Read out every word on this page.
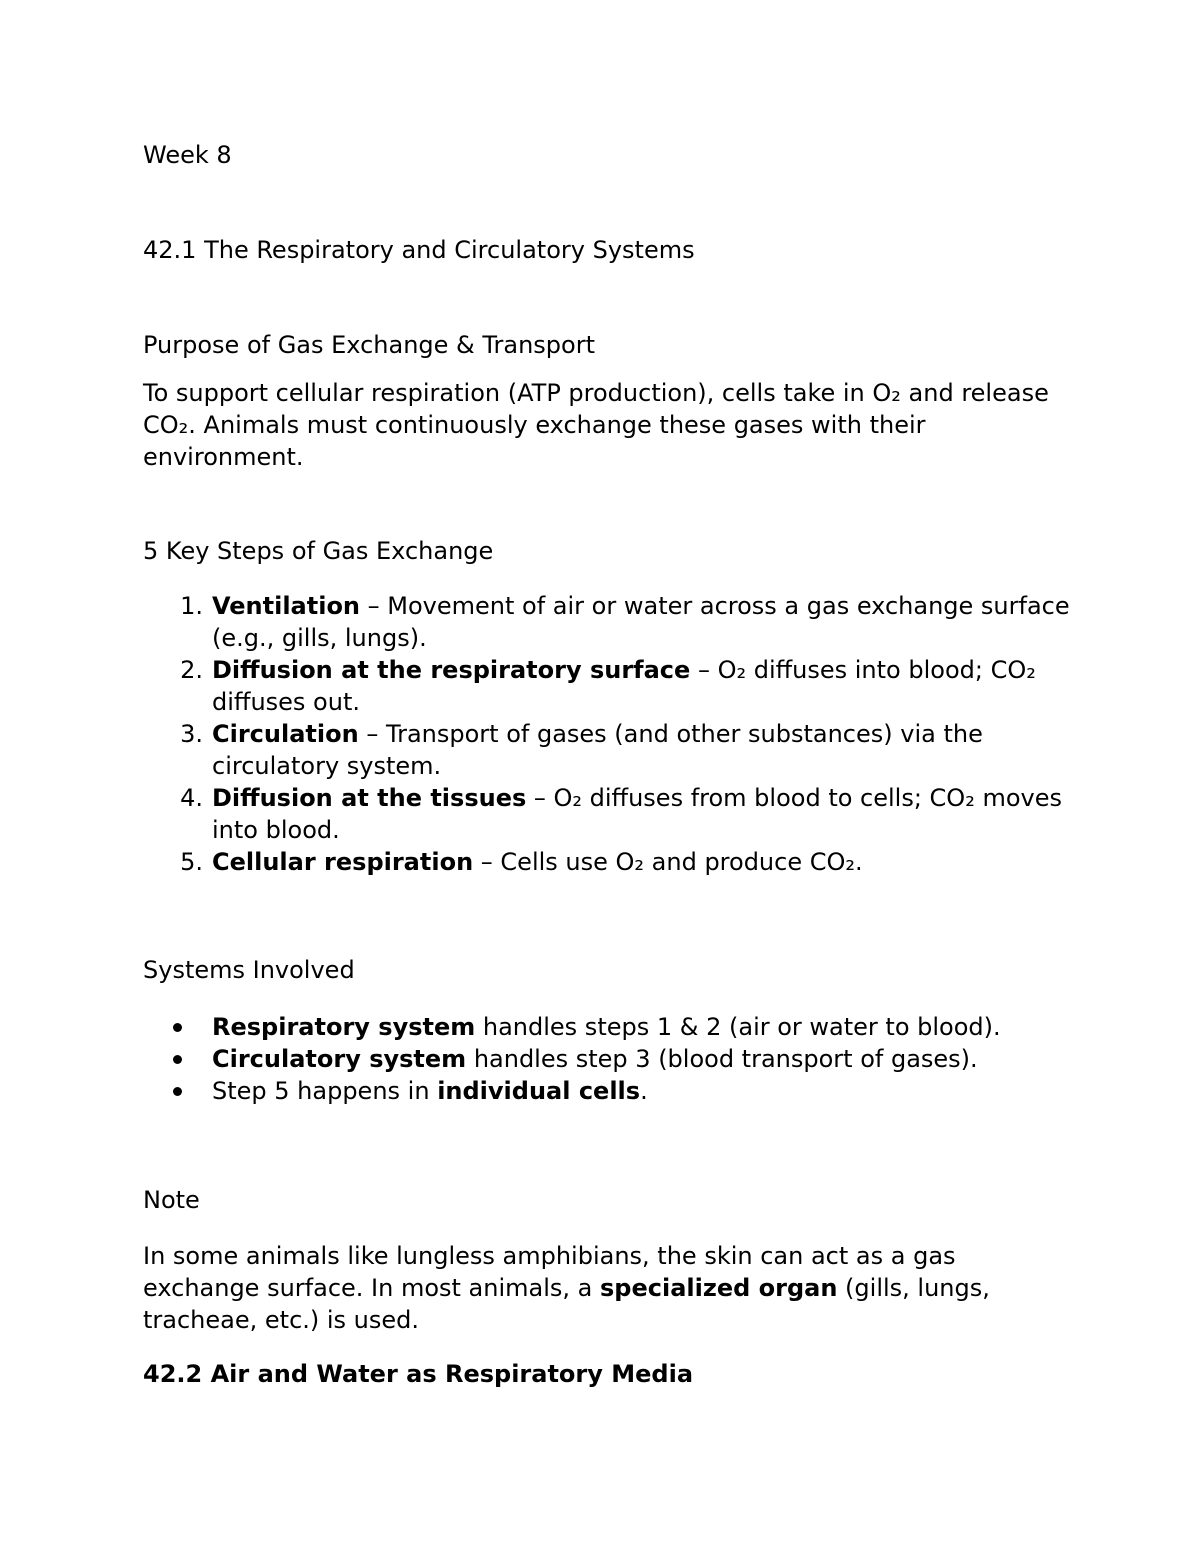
Week 8

42.1 The Respiratory and Circulatory Systems

Purpose of Gas Exchange & Transport

To support cellular respiration (ATP production), cells take in O₂ and release CO₂. Animals must continuously exchange these gases with their environment.

5 Key Steps of Gas Exchange

1. Ventilation – Movement of air or water across a gas exchange surface (e.g., gills, lungs).
2. Diffusion at the respiratory surface – O₂ diffuses into blood; CO₂ diffuses out.
3. Circulation – Transport of gases (and other substances) via the circulatory system.
4. Diffusion at the tissues – O₂ diffuses from blood to cells; CO₂ moves into blood.
5. Cellular respiration – Cells use O₂ and produce CO₂.

Systems Involved

Respiratory system handles steps 1 & 2 (air or water to blood).
Circulatory system handles step 3 (blood transport of gases).
Step 5 happens in individual cells.

Note

In some animals like lungless amphibians, the skin can act as a gas exchange surface. In most animals, a specialized organ (gills, lungs, tracheae, etc.) is used.

42.2 Air and Water as Respiratory Media
